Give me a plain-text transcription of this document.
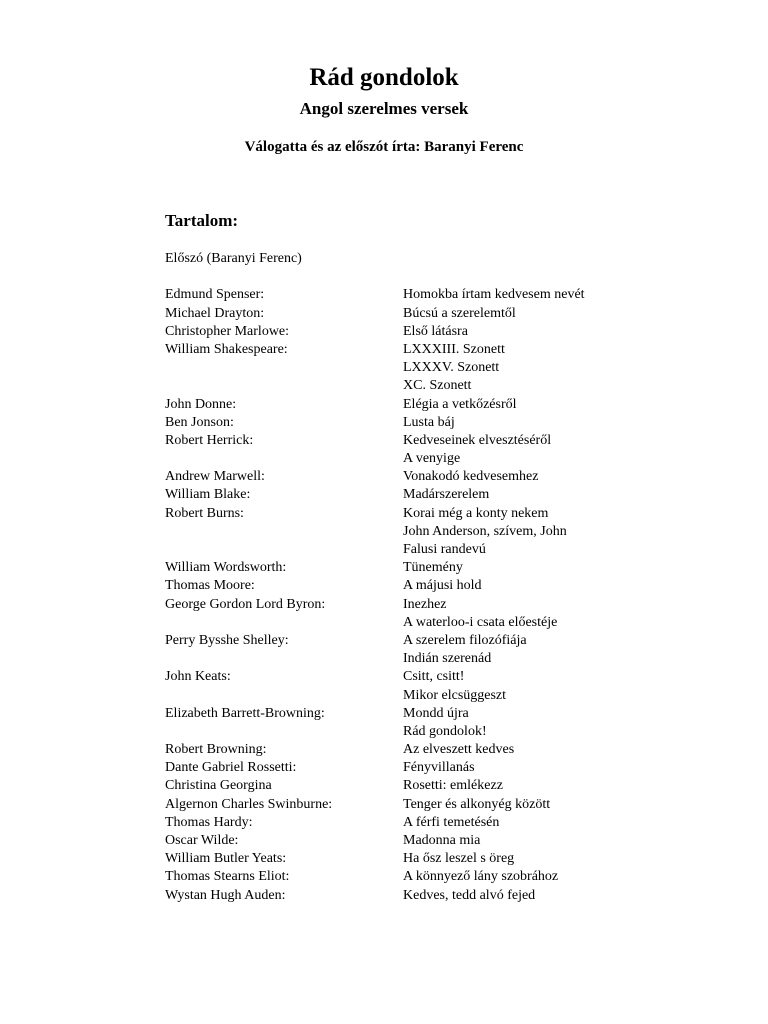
Rád gondolok
Angol szerelmes versek
Válogatta és az előszót írta: Baranyi Ferenc
Tartalom:
Előszó (Baranyi Ferenc)
Edmund Spenser:	Homokba írtam kedvesem nevét
Michael Drayton:	Búcsú a szerelemtől
Christopher Marlowe:	Első látásra
William Shakespeare:	LXXXIII. Szonett
LXXXV. Szonett
XC. Szonett
John Donne:	Elégia a vetkőzésről
Ben Jonson:	Lusta báj
Robert Herrick:	Kedveseinek elvesztéséről
A venyige
Andrew Marwell:	Vonakodó kedvesemhez
William Blake:	Madárszerelem
Robert Burns:	Korai még a konty nekem
John Anderson, szívem, John
Falusi randevú
William Wordsworth:	Tünemény
Thomas Moore:	A májusi hold
George Gordon Lord Byron:	Inezhez
A waterloo-i csata előestéje
Perry Bysshe Shelley:	A szerelem filozófiája
Indián szerenád
John Keats:	Csitt, csitt!
Mikor elcsüggeszt
Elizabeth Barrett-Browning:	Mondd újra
Rád gondolok!
Robert Browning:	Az elveszett kedves
Dante Gabriel Rossetti:	Fényvillanás
Christina Georgina	Rosetti: emlékezz
Algernon Charles Swinburne:	Tenger és alkonyég között
Thomas Hardy:	A férfi temetésén
Oscar Wilde:	Madonna mia
William Butler Yeats:	Ha ősz leszel s öreg
Thomas Stearns Eliot:	A könnyező lány szobrához
Wystan Hugh Auden:	Kedves, tedd alvó fejed
